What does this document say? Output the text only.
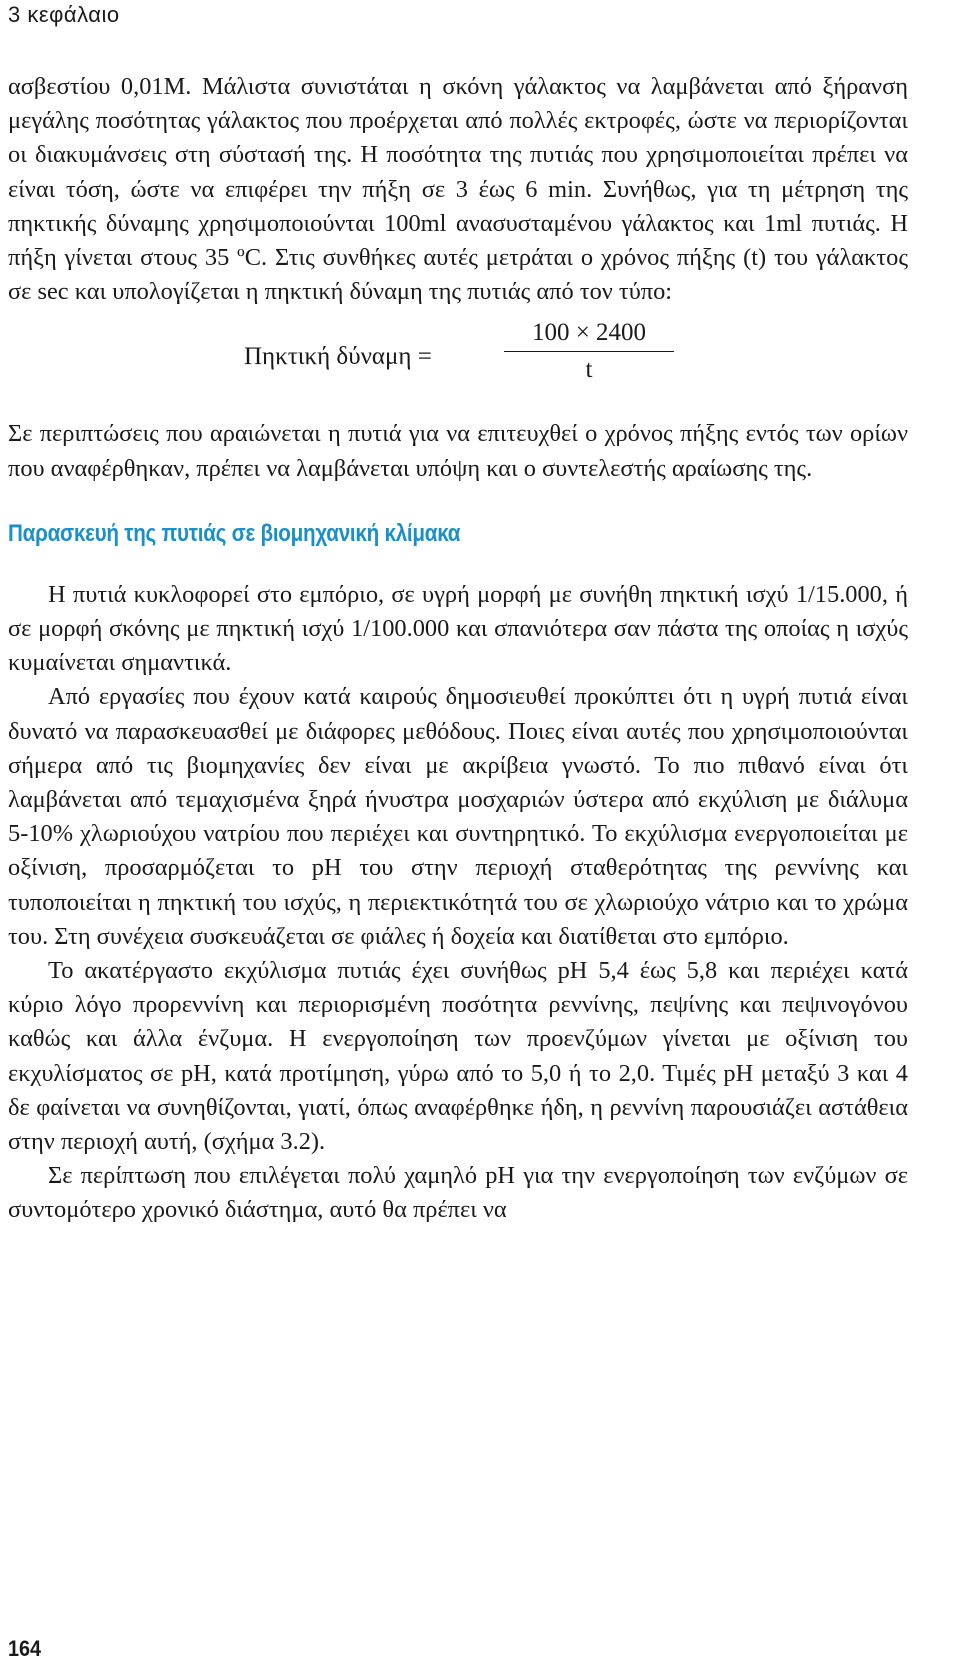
3 κεφάλαιο

ασβεστίου 0,01Μ. Μάλιστα συνιστάται η σκόνη γάλακτος να λαμβάνεται από ξήρανση μεγάλης ποσότητας γάλακτος που προέρχεται από πολλές εκτροφές, ώστε να περιορίζονται οι διακυμάνσεις στη σύστασή της. Η ποσότητα της πυτιάς που χρησιμοποιείται πρέπει να είναι τόση, ώστε να επιφέρει την πήξη σε 3 έως 6 min. Συνήθως, για τη μέτρηση της πηκτικής δύναμης χρησιμοποιούνται 100ml ανασυσταμένου γάλακτος και 1ml πυτιάς. Η πήξη γίνεται στους 35 ºC. Στις συνθήκες αυτές μετράται ο χρόνος πήξης (t) του γάλακτος σε sec και υπολογίζεται η πηκτική δύναμη της πυτιάς από τον τύπο:

Πηκτική δύναμη =
100 × 2400
t

Σε περιπτώσεις που αραιώνεται η πυτιά για να επιτευχθεί ο χρόνος πήξης εντός των ορίων που αναφέρθηκαν, πρέπει να λαμβάνεται υπόψη και ο συντελεστής αραίωσης της.

Παρασκευή της πυτιάς σε βιομηχανική κλίμακα

Η πυτιά κυκλοφορεί στο εμπόριο, σε υγρή μορφή με συνήθη πηκτική ισχύ 1/15.000, ή σε μορφή σκόνης με πηκτική ισχύ 1/100.000 και σπανιότερα σαν πάστα της οποίας η ισχύς κυμαίνεται σημαντικά.

Από εργασίες που έχουν κατά καιρούς δημοσιευθεί προκύπτει ότι η υγρή πυτιά είναι δυνατό να παρασκευασθεί με διάφορες μεθόδους. Ποιες είναι αυτές που χρησιμοποιούνται σήμερα από τις βιομηχανίες δεν είναι με ακρίβεια γνωστό. Το πιο πιθανό είναι ότι λαμβάνεται από τεμαχισμένα ξηρά ήνυστρα μοσχαριών ύστερα από εκχύλιση με διάλυμα 5-10% χλωριούχου νατρίου που περιέχει και συντηρητικό. Το εκχύλισμα ενεργοποιείται με οξίνιση, προσαρμόζεται το pH του στην περιοχή σταθερότητας της ρεννίνης και τυποποιείται η πηκτική του ισχύς, η περιεκτικότητά του σε χλωριούχο νάτριο και το χρώμα του. Στη συνέχεια συσκευάζεται σε φιάλες ή δοχεία και διατίθεται στο εμπόριο.

Το ακατέργαστο εκχύλισμα πυτιάς έχει συνήθως pH 5,4 έως 5,8 και περιέχει κατά κύριο λόγο προρεννίνη και περιορισμένη ποσότητα ρεννίνης, πεψίνης και πεψινογόνου καθώς και άλλα ένζυμα. Η ενεργοποίηση των προενζύμων γίνεται με οξίνιση του εκχυλίσματος σε pH, κατά προτίμηση, γύρω από το 5,0 ή το 2,0. Τιμές pH μεταξύ 3 και 4 δε φαίνεται να συνηθίζονται, γιατί, όπως αναφέρθηκε ήδη, η ρεννίνη παρουσιάζει αστάθεια στην περιοχή αυτή, (σχήμα 3.2).

Σε περίπτωση που επιλέγεται πολύ χαμηλό pH για την ενεργοποίηση των ενζύμων σε συντομότερο χρονικό διάστημα, αυτό θα πρέπει να

164
